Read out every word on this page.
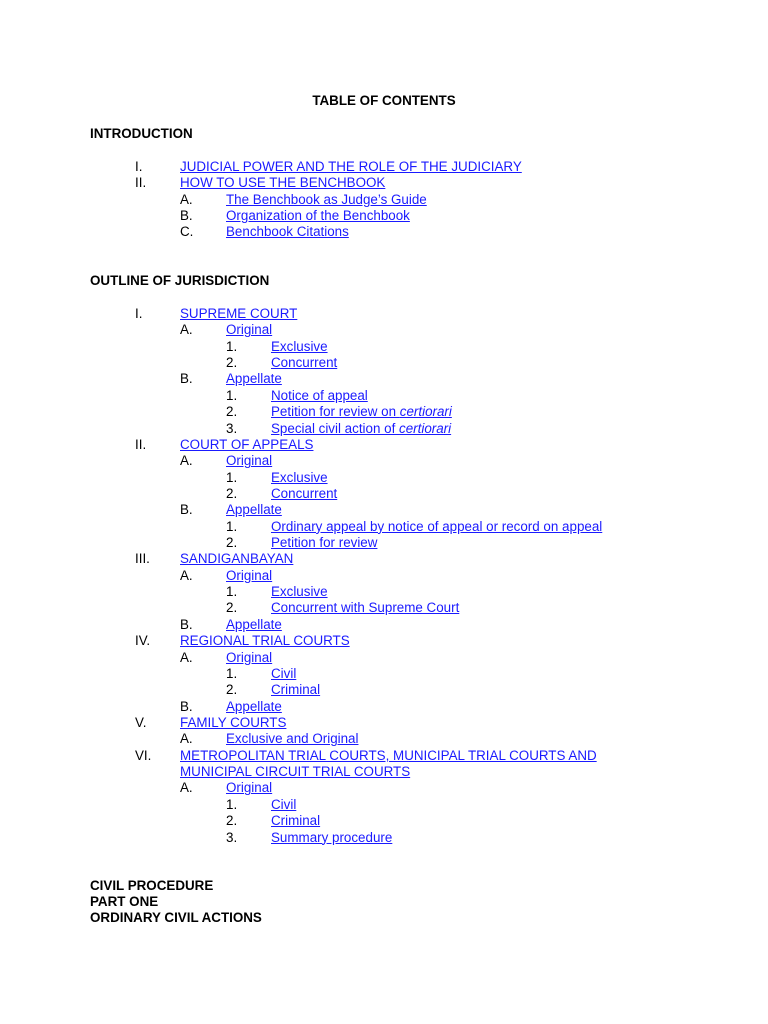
TABLE OF CONTENTS
INTRODUCTION
I.	JUDICIAL POWER AND THE ROLE OF THE JUDICIARY
II.	HOW TO USE THE BENCHBOOK
A. The Benchbook as Judge’s Guide
B. Organization of the Benchbook
C. Benchbook Citations
OUTLINE OF JURISDICTION
I.	SUPREME COURT
A. Original
1.	Exclusive
2.	Concurrent
B. Appellate
1.	Notice of appeal
2.	Petition for review on certiorari
3.	Special civil action of certiorari
II.	COURT OF APPEALS
A. Original
1.	Exclusive
2.	Concurrent
B. Appellate
1.	Ordinary appeal by notice of appeal or record on appeal
2.	Petition for review
III. SANDIGANBAYAN
A. Original
1.	Exclusive
2.	Concurrent with Supreme Court
B. Appellate
IV. REGIONAL TRIAL COURTS
A. Original
1.	Civil
2.	Criminal
B. Appellate
V.	FAMILY COURTS
A. Exclusive and Original
VI. METROPOLITAN TRIAL COURTS, MUNICIPAL TRIAL COURTS AND
MUNICIPAL CIRCUIT TRIAL COURTS
A. Original
1.	Civil
2.	Criminal
3.	Summary procedure
CIVIL PROCEDURE
PART ONE
ORDINARY CIVIL ACTIONS
